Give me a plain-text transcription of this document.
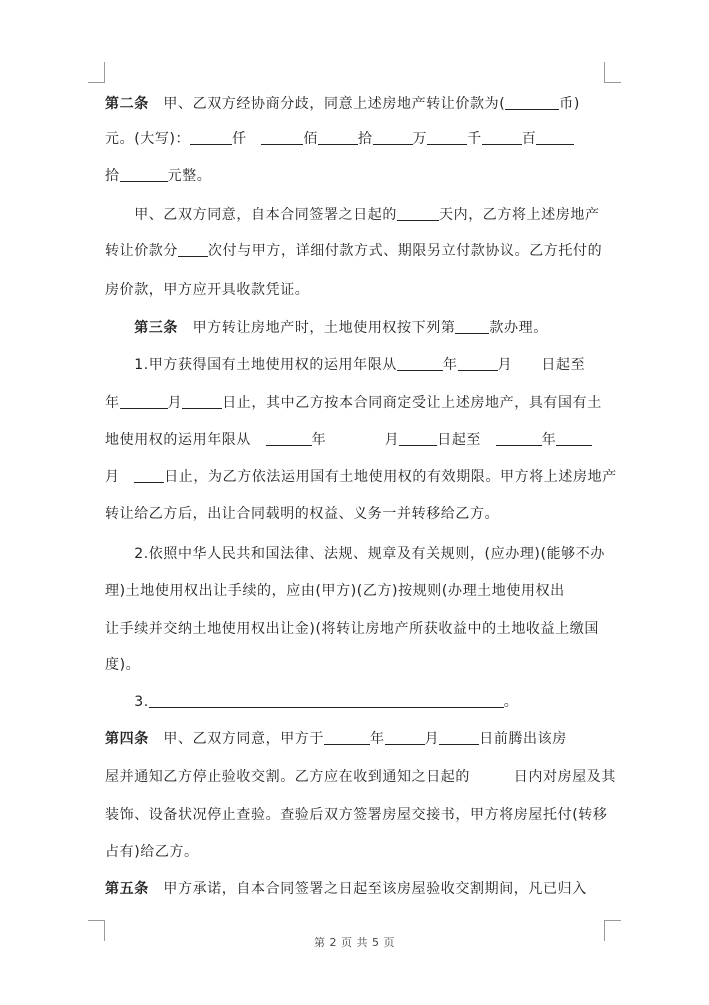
第二条　甲、乙双方经协商分歧，同意上述房地产转让价款为(	币)
元。(大写)：	仟　	佰	拾	万	千	百
拾	元整。
　　甲、乙双方同意，自本合同签署之日起的	天内，乙方将上述房地产
转让价款分 次付与甲方，详细付款方式、期限另立付款协议。乙方托付的
房价款，甲方应开具收款凭证。
　　第三条　甲方转让房地产时，土地使用权按下列第 款办理。
　　1.甲方获得国有土地使用权的运用年限从	年	月　　日起至
年	月	日止，其中乙方按本合同商定受让上述房地产，具有国有土
地使用权的运用年限从　	年　　　　月	日起至　	年
月　日止，为乙方依法运用国有土地使用权的有效期限。甲方将上述房地产
转让给乙方后，出让合同载明的权益、义务一并转移给乙方。
　　2.依照中华人民共和国法律、法规、规章及有关规则，(应办理)(能够不办
理)土地使用权出让手续的，应由(甲方)(乙方)按规则(办理土地使用权出
让手续并交纳土地使用权出让金)(将转让房地产所获收益中的土地收益上缴国
度)。
　　3.	。
第四条　甲、乙双方同意，甲方于	年	月	日前腾出该房
屋并通知乙方停止验收交割。乙方应在收到通知之日起的　　　日内对房屋及其
装饰、设备状况停止查验。查验后双方签署房屋交接书，甲方将房屋托付(转移
占有)给乙方。
第五条　甲方承诺，自本合同签署之日起至该房屋验收交割期间，凡已归入
第 2 页 共 5 页
